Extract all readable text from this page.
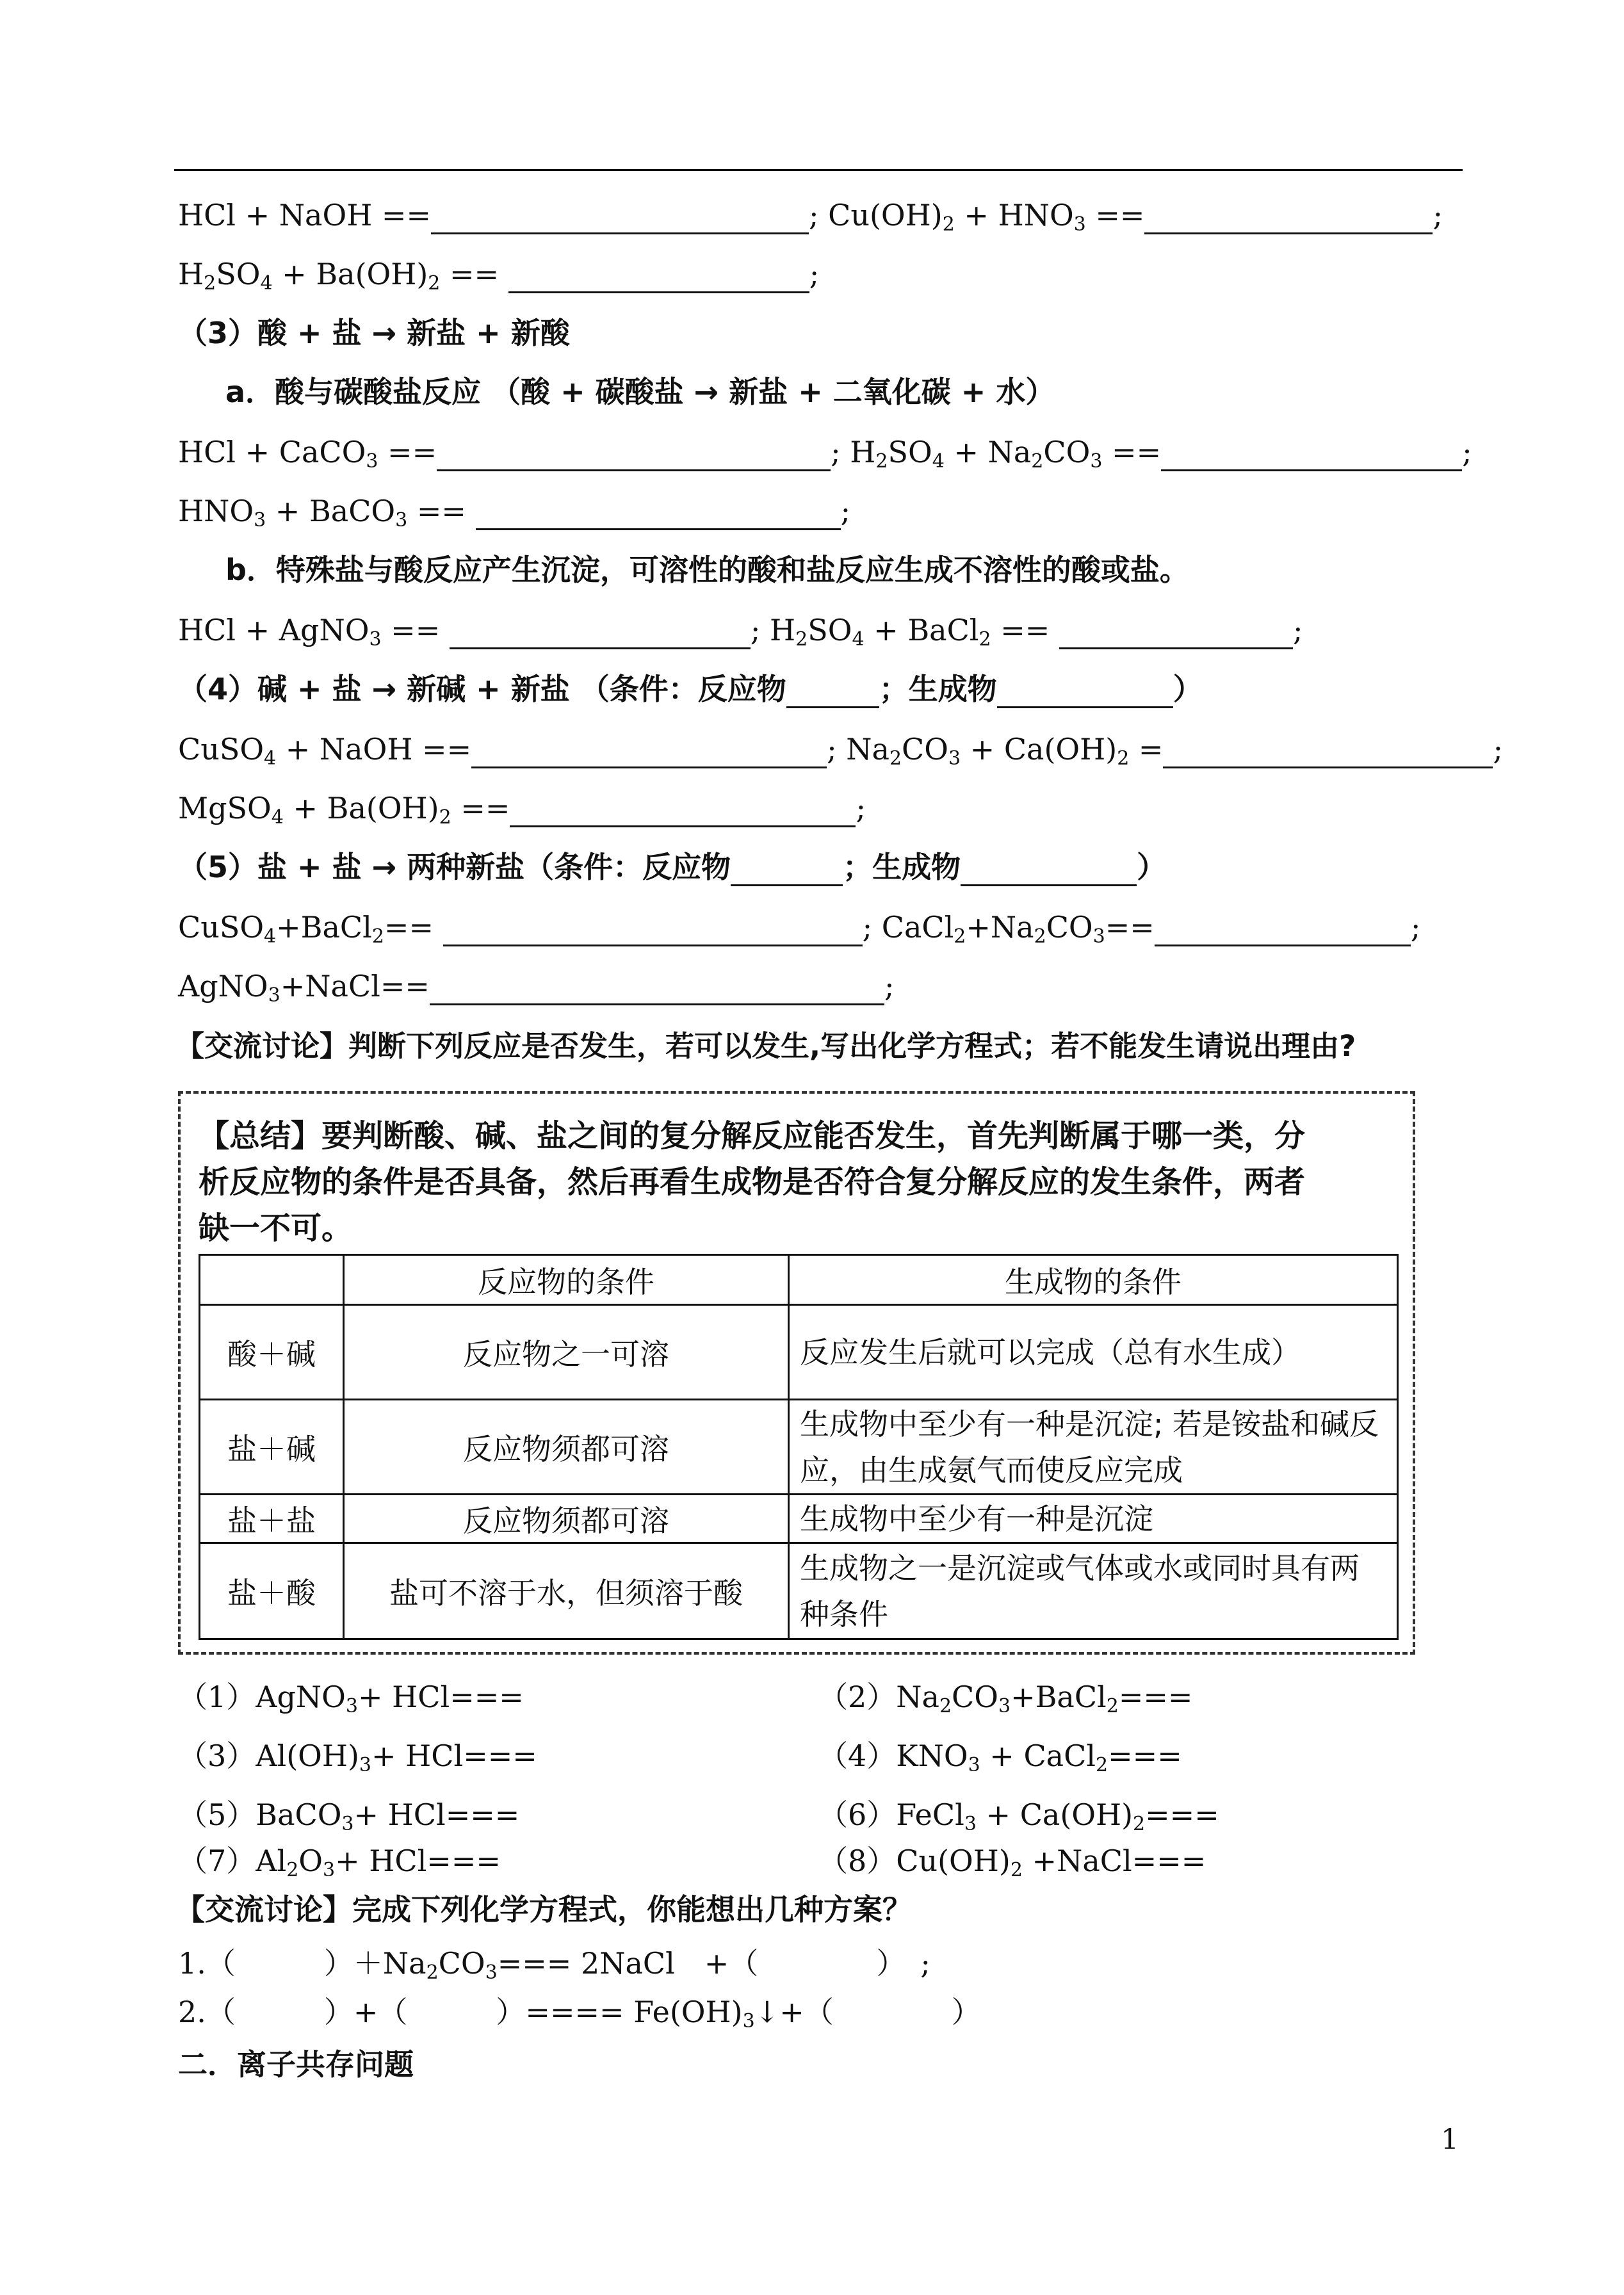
HCl + NaOH ==	; $Cu(OH)_2 + HNO_3$ ==	;
$H_2SO_4 + Ba(OH)_2$ ==	;
（3）酸 + 盐 → 新盐 + 新酸
a．酸与碳酸盐反应 （酸 + 碳酸盐 → 新盐 + 二氧化碳 + 水）
HCl + CaCO$_3$ ==	; $H_2SO_4 + Na_2CO_3$ ==	;
$HNO_3$ + BaCO$_3$ ==	;
b．特殊盐与酸反应产生沉淀，可溶性的酸和盐反应生成不溶性的酸或盐。
HCl + AgNO$_3$ ==	; $H_2SO_4$ + BaCl$_2$ ==	;
（4）碱 + 盐 → 新碱 + 新盐 （条件：反应物	；生成物	）
CuSO$_4$ + NaOH ==	; $Na_2CO_3 + Ca(OH)_2$ =	;
MgSO$_4$ + $Ba(OH)_2$ ==	;
（5）盐 + 盐 → 两种新盐（条件：反应物	；生成物	）
CuSO$_4$+BaCl$_2$==	; $CaCl_2+Na_2CO_3==$	;
AgNO$_3$+NaCl==	;
【交流讨论】判断下列反应是否发生，若可以发生,写出化学方程式；若不能发生请说出理由?
【总结】要判断酸、碱、盐之间的复分解反应能否发生，首先判断属于哪一类，分
析反应物的条件是否具备，然后再看生成物是否符合复分解反应的发生条件，两者
缺一不可。
	反应物的条件	生成物的条件
酸＋碱	反应物之一可溶	反应发生后就可以完成（总有水生成）
盐＋碱	反应物须都可溶	生成物中至少有一种是沉淀; 若是铵盐和碱反应，由生成氨气而使反应完成
盐＋盐	反应物须都可溶	生成物中至少有一种是沉淀
盐＋酸	盐可不溶于水，但须溶于酸	生成物之一是沉淀或气体或水或同时具有两种条件
（1）AgNO$_3$+ HCl===	$(2)Na_2CO_3+BaCl_2===$
$(3)Al(OH)_3+ HCl===$	$(4)KNO_3$ + CaCl$_2$===
（5）BaCO$_3$+ HCl===	（6）FeCl$_3$ + $Ca(OH)_2===$
$(7)Al_2O_3+ HCl===$	$(8)Cu(OH)_2$ +NaCl===
【交流讨论】完成下列化学方程式，你能想出几种方案？
1.（　　　）$+Na_2CO_3===$ 2NaCl　+（　　　　）　;
2.（　　　）+（　　　）==== $Fe(OH)_3↓+$（　　　　）
二．离子共存问题
1
